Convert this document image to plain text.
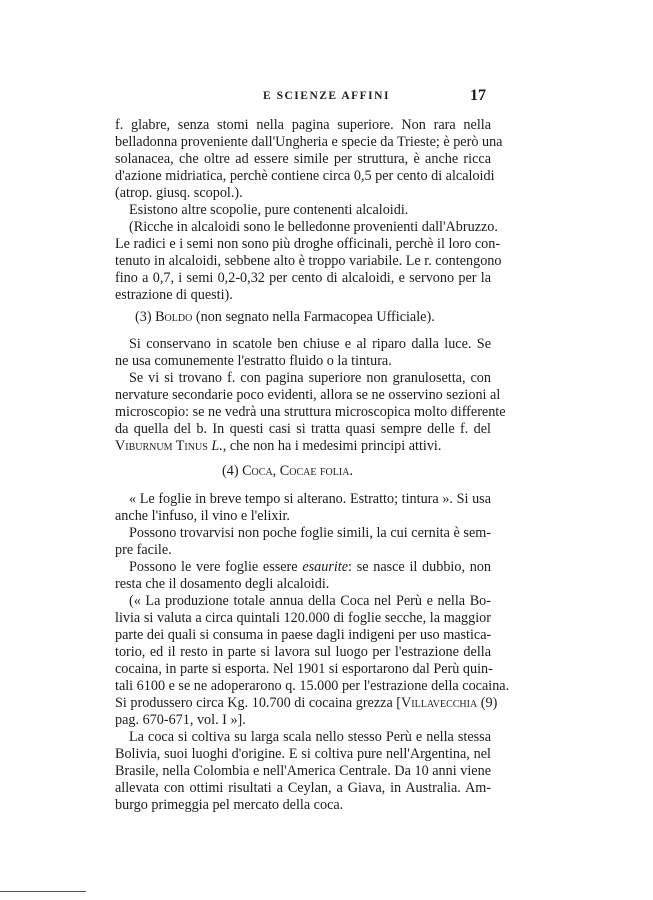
E SCIENZE AFFINI	17
f. glabre, senza stomi nella pagina superiore. Non rara nella
belladonna proveniente dall'Ungheria e specie da Trieste; è però una
solanacea, che oltre ad essere simile per struttura, è anche ricca
d'azione midriatica, perchè contiene circa 0,5 per cento di alcaloidi
(atrop. giusq. scopol.).
Esistono altre scopolie, pure contenenti alcaloidi.
(Ricche in alcaloidi sono le belledonne provenienti dall'Abruzzo.
Le radici e i semi non sono più droghe officinali, perchè il loro con-
tenuto in alcaloidi, sebbene alto è troppo variabile. Le r. contengono
fino a 0,7, i semi 0,2-0,32 per cento di alcaloidi, e servono per la
estrazione di questi).
(3) Boldo (non segnato nella Farmacopea Ufficiale).
Si conservano in scatole ben chiuse e al riparo dalla luce. Se
ne usa comunemente l'estratto fluido o la tintura.
Se vi si trovano f. con pagina superiore non granulosetta, con
nervature secondarie poco evidenti, allora se ne osservino sezioni al
microscopio: se ne vedrà una struttura microscopica molto differente
da quella del b. In questi casi si tratta quasi sempre delle f. del
Viburnum Tinus L., che non ha i medesimi principi attivi.
(4) Coca, Cocae folia.
« Le foglie in breve tempo si alterano. Estratto; tintura ». Si usa
anche l'infuso, il vino e l'elixir.
Possono trovarvisi non poche foglie simili, la cui cernita è sem-
pre facile.
Possono le vere foglie essere esaurite: se nasce il dubbio, non
resta che il dosamento degli alcaloidi.
(« La produzione totale annua della Coca nel Perù e nella Bo-
livia si valuta a circa quintali 120.000 di foglie secche, la maggior
parte dei quali si consuma in paese dagli indigeni per uso mastica-
torio, ed il resto in parte si lavora sul luogo per l'estrazione della
cocaina, in parte si esporta. Nel 1901 si esportarono dal Perù quin-
tali 6100 e se ne adoperarono q. 15.000 per l'estrazione della cocaina.
Si produssero circa Kg. 10.700 di cocaina grezza [Villavecchia (9)
pag. 670-671, vol. I »].
La coca si coltiva su larga scala nello stesso Perù e nella stessa
Bolivia, suoi luoghi d'origine. E si coltiva pure nell'Argentina, nel
Brasile, nella Colombia e nell'America Centrale. Da 10 anni viene
allevata con ottimi risultati a Ceylan, a Giava, in Australia. Am-
burgo primeggia pel mercato della coca.
